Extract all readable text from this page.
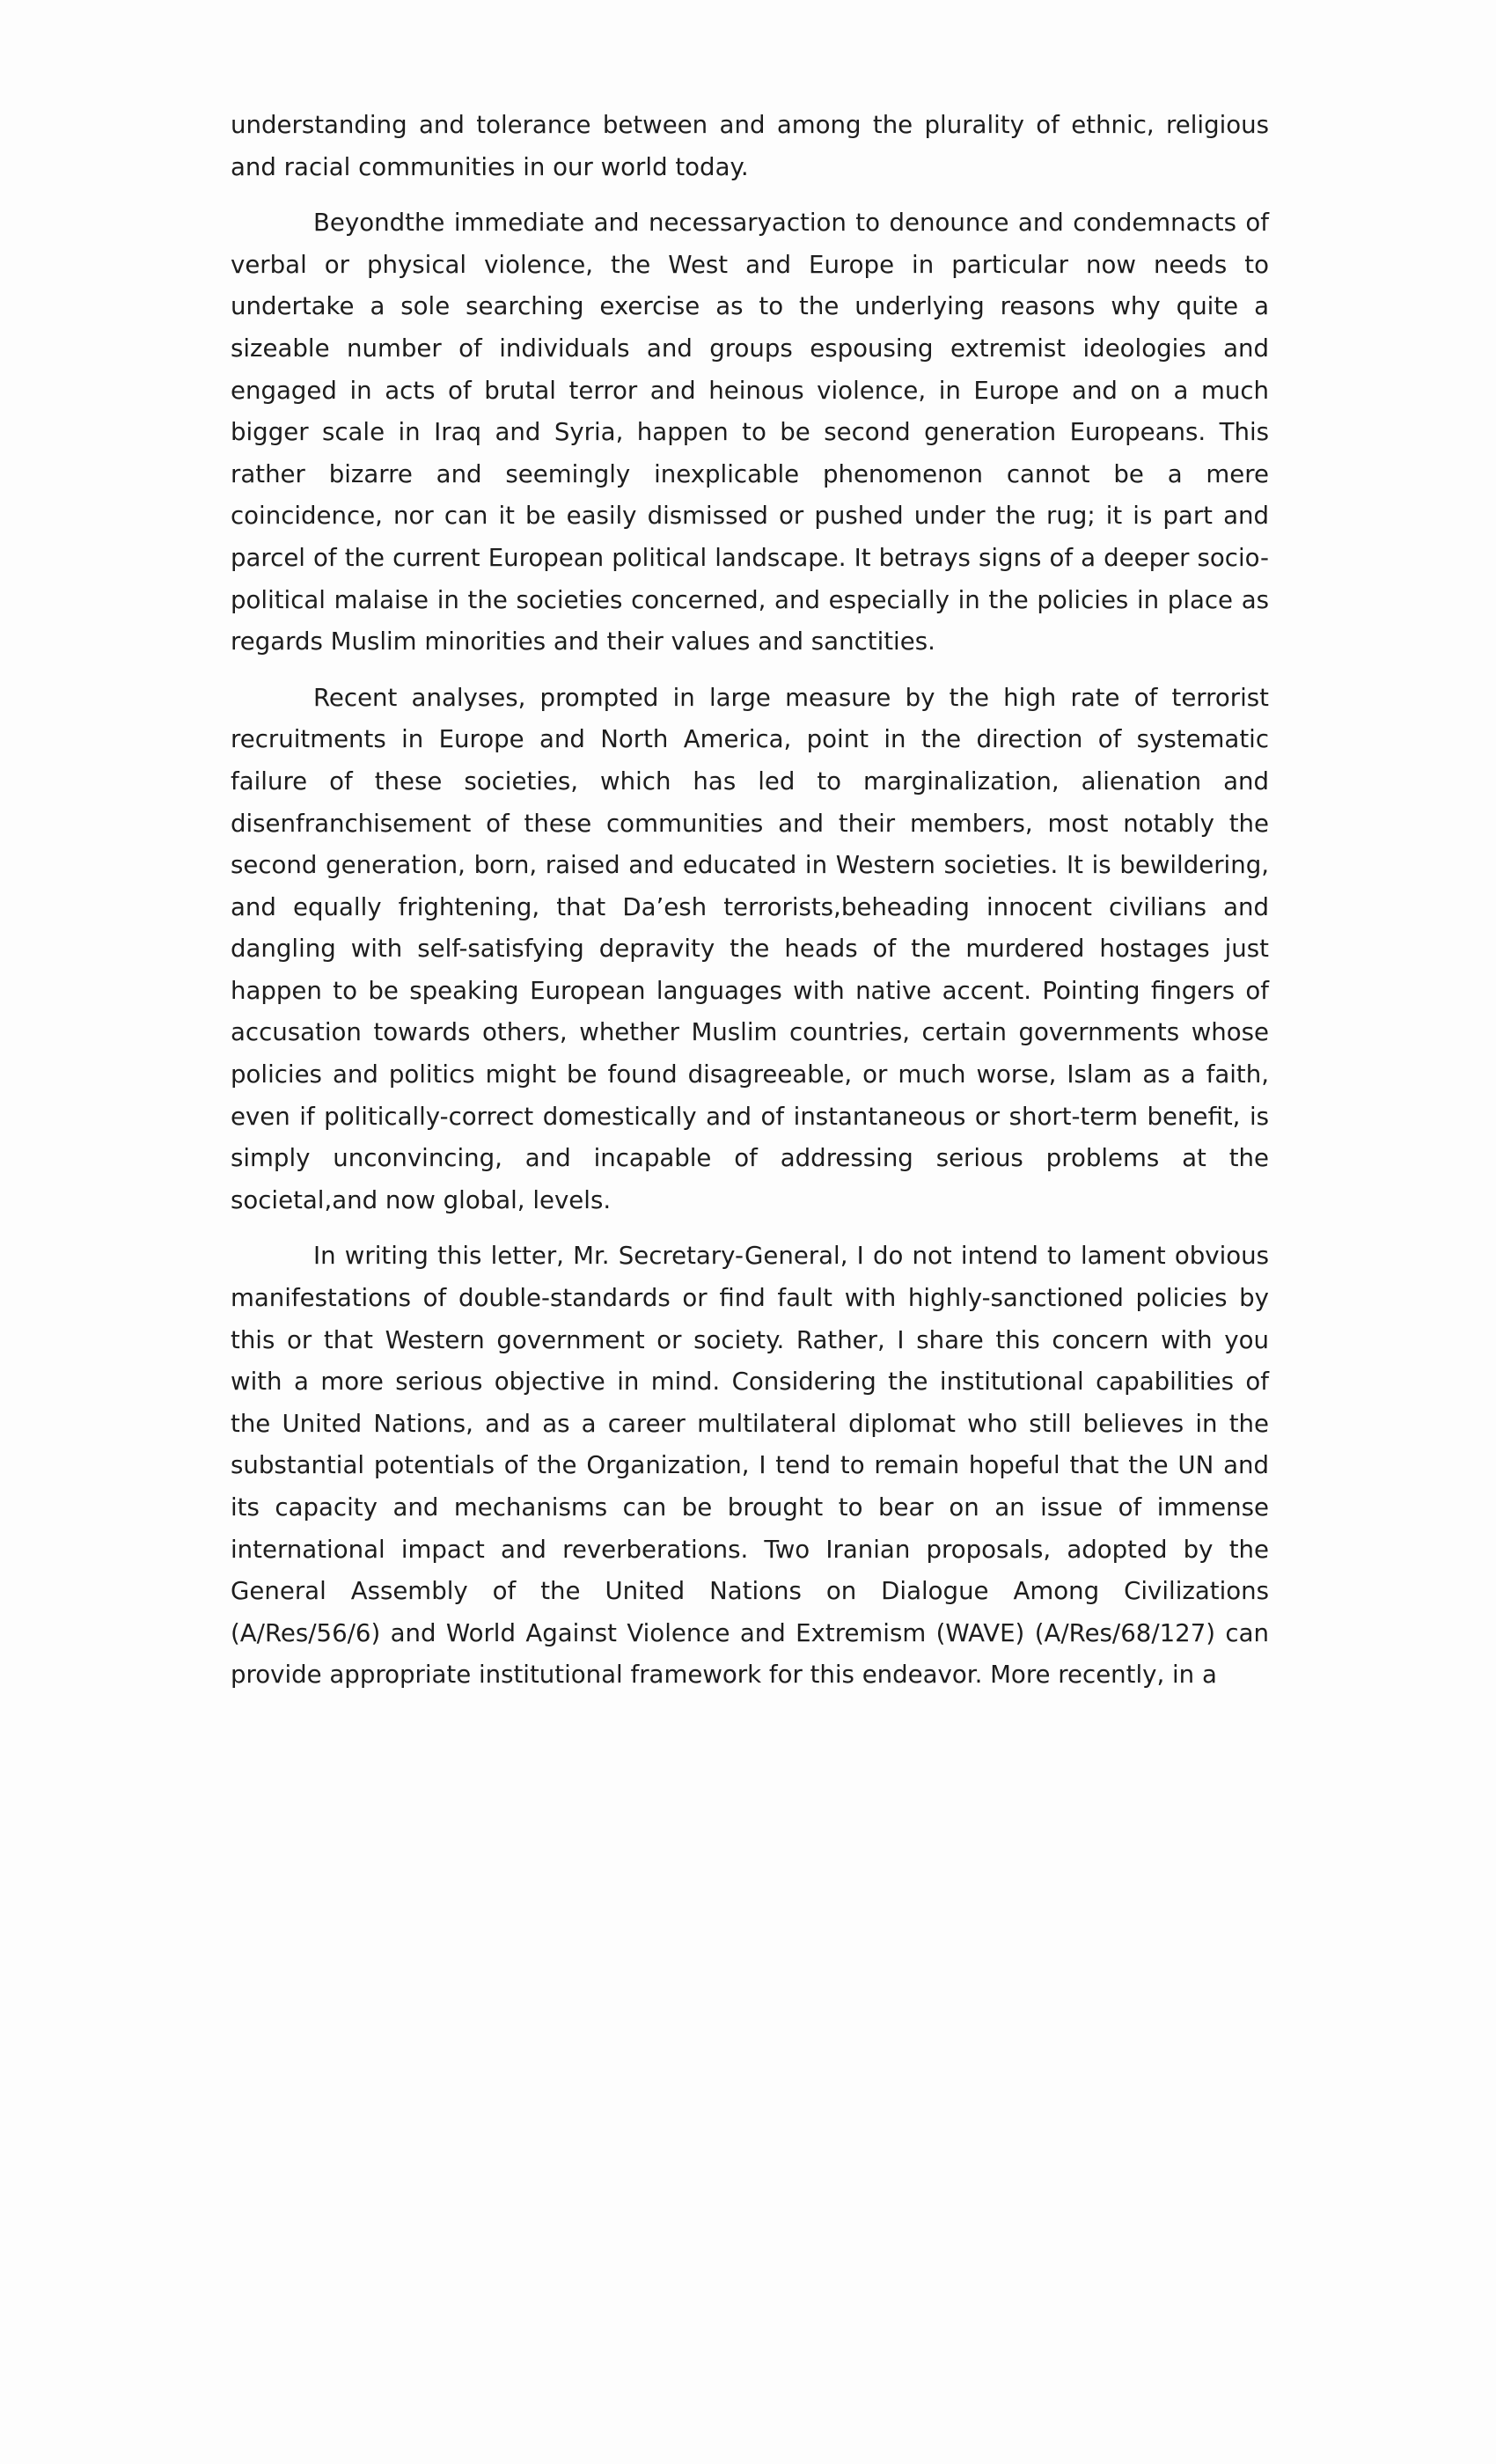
understanding and tolerance between and among the plurality of ethnic, religious and racial communities in our world today.

Beyondthe immediate and necessaryaction to denounce and condemnacts of verbal or physical violence, the West and Europe in particular now needs to undertake a sole searching exercise as to the underlying reasons why quite a sizeable number of individuals and groups espousing extremist ideologies and engaged in acts of brutal terror and heinous violence, in Europe and on a much bigger scale in Iraq and Syria, happen to be second generation Europeans. This rather bizarre and seemingly inexplicable phenomenon cannot be a mere coincidence, nor can it be easily dismissed or pushed under the rug; it is part and parcel of the current European political landscape. It betrays signs of a deeper socio-political malaise in the societies concerned, and especially in the policies in place as regards Muslim minorities and their values and sanctities.

Recent analyses, prompted in large measure by the high rate of terrorist recruitments in Europe and North America, point in the direction of systematic failure of these societies, which has led to marginalization, alienation and disenfranchisement of these communities and their members, most notably the second generation, born, raised and educated in Western societies. It is bewildering, and equally frightening, that Da’esh terrorists,beheading innocent civilians and dangling with self-satisfying depravity the heads of the murdered hostages just happen to be speaking European languages with native accent. Pointing fingers of accusation towards others, whether Muslim countries, certain governments whose policies and politics might be found disagreeable, or much worse, Islam as a faith, even if politically-correct domestically and of instantaneous or short-term benefit, is simply unconvincing, and incapable of addressing serious problems at the societal,and now global, levels.

In writing this letter, Mr. Secretary-General, I do not intend to lament obvious manifestations of double-standards or find fault with highly-sanctioned policies by this or that Western government or society. Rather, I share this concern with you with a more serious objective in mind. Considering the institutional capabilities of the United Nations, and as a career multilateral diplomat who still believes in the substantial potentials of the Organization, I tend to remain hopeful that the UN and its capacity and mechanisms can be brought to bear on an issue of immense international impact and reverberations. Two Iranian proposals, adopted by the General Assembly of the United Nations on Dialogue Among Civilizations (A/Res/56/6) and World Against Violence and Extremism (WAVE) (A/Res/68/127) can provide appropriate institutional framework for this endeavor. More recently, in a
